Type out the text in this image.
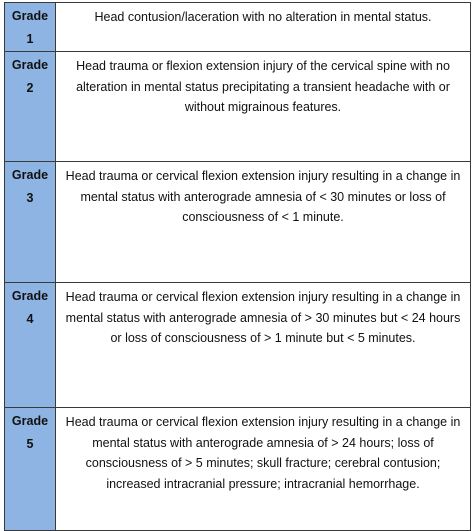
Grade
1	Head contusion/laceration with no alteration in mental status.

Grade
2	Head trauma or flexion extension injury of the cervical spine with no alteration in mental status precipitating a transient headache with or without migrainous features.

Grade
3	Head trauma or cervical flexion extension injury resulting in a change in mental status with anterograde amnesia of < 30 minutes or loss of consciousness of < 1 minute.

Grade
4	Head trauma or cervical flexion extension injury resulting in a change in mental status with anterograde amnesia of > 30 minutes but < 24 hours or loss of consciousness of > 1 minute but < 5 minutes.

Grade
5	Head trauma or cervical flexion extension injury resulting in a change in mental status with anterograde amnesia of > 24 hours; loss of consciousness of > 5 minutes; skull fracture; cerebral contusion; increased intracranial pressure; intracranial hemorrhage.
